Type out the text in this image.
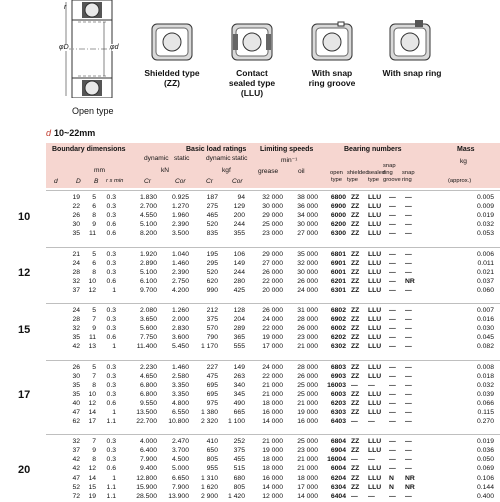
r
φD	φd
Open type
Shielded type
(ZZ)
Contact
sealed type
(LLU)
With snap
ring groove
With snap ring
d 10~22mm
Boundary dimensions
mm
Basic load ratings
dynamic static	dynamic static
kN	kgf
Limiting speeds
min⁻¹
grease	oil
Bearing numbers
open
type
shielded
type
sealed
type
snap
ring
groove
snap
ring
Mass
kg
(approx.)
d	D B r s min	Cr	Cor	Cr	Cor
10
19 5 0.3	1.830 0.925	187	94	32 000 38 000 6800 ZZ LLU — —	0.005
22 6 0.3	2.700 1.270	275 129	30 000 36 000 6900 ZZ LLU — —	0.009
26 8 0.3	4.550 1.960	465 200	29 000 34 000 6000 ZZ LLU — —	0.019
30 9 0.6	5.100 2.390	520 244	25 000 30 000 6200 ZZ LLU — —	0.032
35 11 0.6	8.200 3.500	835 355	23 000 27 000 6300 ZZ LLU — —	0.053
12
21 5 0.3	1.920 1.040	195 106	29 000 35 000 6801 ZZ LLU — —	0.006
24 6 0.3	2.890 1.460	295 149	27 000 32 000 6901 ZZ LLU — —	0.011
28 8 0.3	5.100 2.390	520 244	26 000 30 000 6001 ZZ LLU — —	0.021
32 10 0.6	6.100 2.750	620 280	22 000 26 000 6201 ZZ LLU — NR	0.037
37 12 1	9.700 4.200	990 425	20 000 24 000 6301 ZZ LLU — —	0.060
15
24 5 0.3	2.080 1.260	212 128	26 000 31 000 6802 ZZ LLU — —	0.007
28 7 0.3	3.650 2.000	375 204	24 000 28 000 6902 ZZ LLU — —	0.016
32 9 0.3	5.600 2.830	570 289	22 000 26 000 6002 ZZ LLU — —	0.030
35 11 0.6	7.750 3.600	790 365	19 000 23 000 6202 ZZ LLU — —	0.045
42 13 1	11.400 5.450 1 170 555	17 000 21 000 6302 ZZ LLU — —	0.082
17
26 5 0.3	2.230 1.460	227 149	24 000 28 000 6803 ZZ LLU — —	0.008
30 7 0.3	4.650 2.580	475 263	22 000 26 000 6903 ZZ LLU — —	0.018
35 8 0.3	6.800 3.350	695 340	21 000 25 000 16003 — — — —	0.032
35 10 0.3	6.800 3.350	695 345	21 000 25 000 6003 ZZ LLU — —	0.039
40 12 0.6	9.550 4.800	975 490	18 000 21 000 6203 ZZ LLU — —	0.066
47 14 1	13.500 6.550 1 380 665	16 000 19 000 6303 ZZ LLU — —	0.115
62 17 1.1	22.700 10.800 2 320 1 100	14 000 16 000 6403 — — — —	0.270
20
32 7 0.3	4.000 2.470	410 252	21 000 25 000 6804 ZZ LLU — —	0.019
37 9 0.3	6.400 3.700	650 375	19 000 23 000 6904 ZZ LLU — —	0.036
42 8 0.3	7.900 4.500	805 455	18 000 21 000 16004 — — — —	0.050
42 12 0.6	9.400 5.000	955 515	18 000 21 000 6004 ZZ LLU — —	0.069
47 14 1	12.800 6.650 1 310 680	16 000 18 000 6204 ZZ LLU N NR	0.106
52 15 1.1	15.900 7.900 1 620 805	14 000 17 000 6304 ZZ LLU N NR	0.144
72 19 1.1	28.500 13.900 2 900 1 420	12 000 14 000 6404 — — — —	0.400
